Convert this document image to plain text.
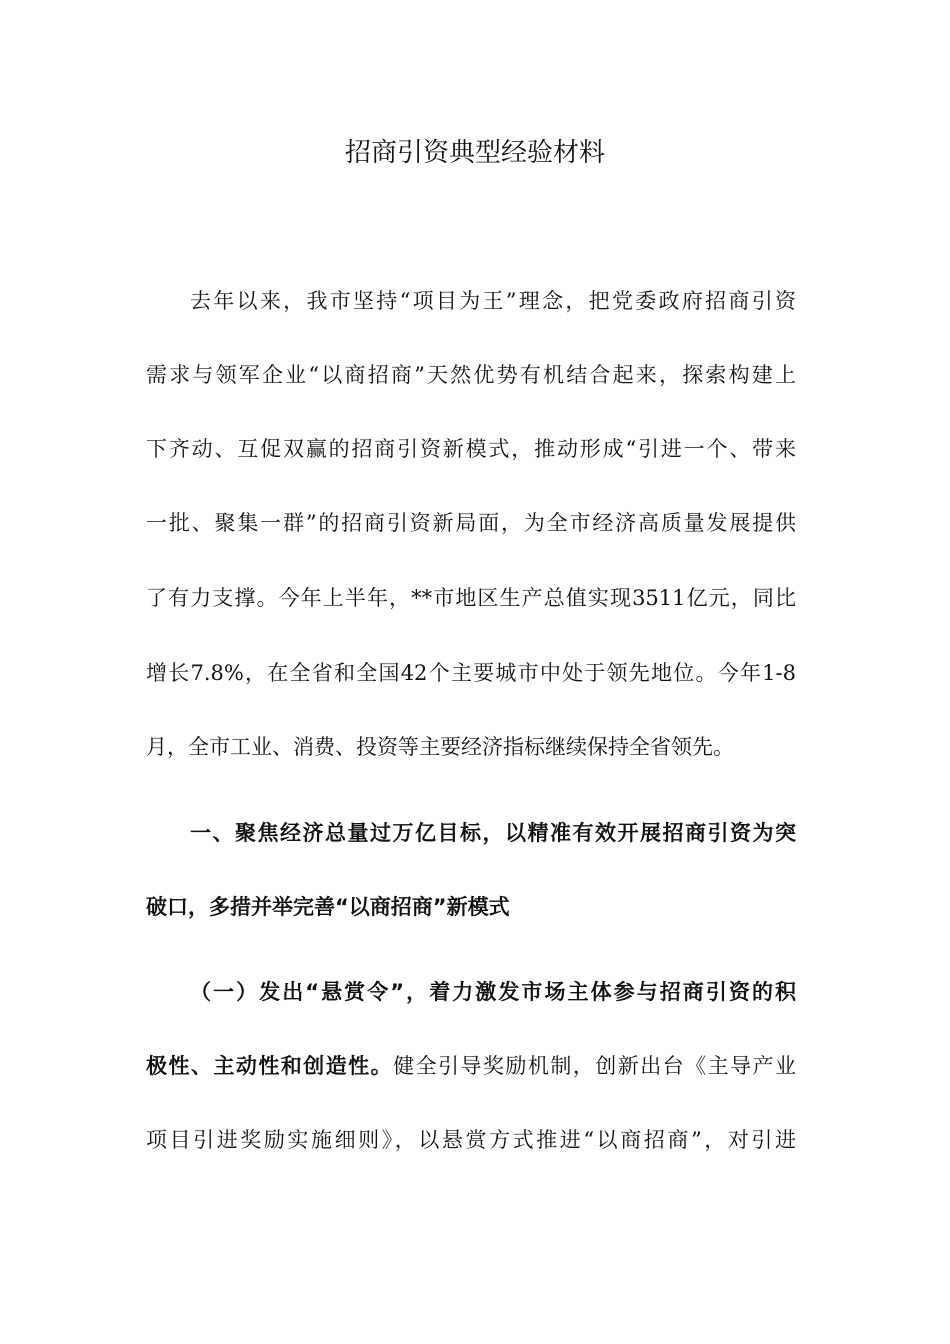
招商引资典型经验材料

去年以来，我市坚持“项目为王”理念，把党委政府招商引资

需求与领军企业“以商招商”天然优势有机结合起来，探索构建上

下齐动、互促双赢的招商引资新模式，推动形成“引进一个、带来

一批、聚集一群”的招商引资新局面，为全市经济高质量发展提供

了有力支撑。今年上半年，**市地区生产总值实现3511亿元，同比

增长7.8%，在全省和全国42个主要城市中处于领先地位。今年1-8

月，全市工业、消费、投资等主要经济指标继续保持全省领先。

一、聚焦经济总量过万亿目标，以精准有效开展招商引资为突

破口，多措并举完善“以商招商”新模式

（一）发出“悬赏令”，着力激发市场主体参与招商引资的积

极性、主动性和创造性。健全引导奖励机制，创新出台《主导产业

项目引进奖励实施细则》，以悬赏方式推进“以商招商”，对引进
